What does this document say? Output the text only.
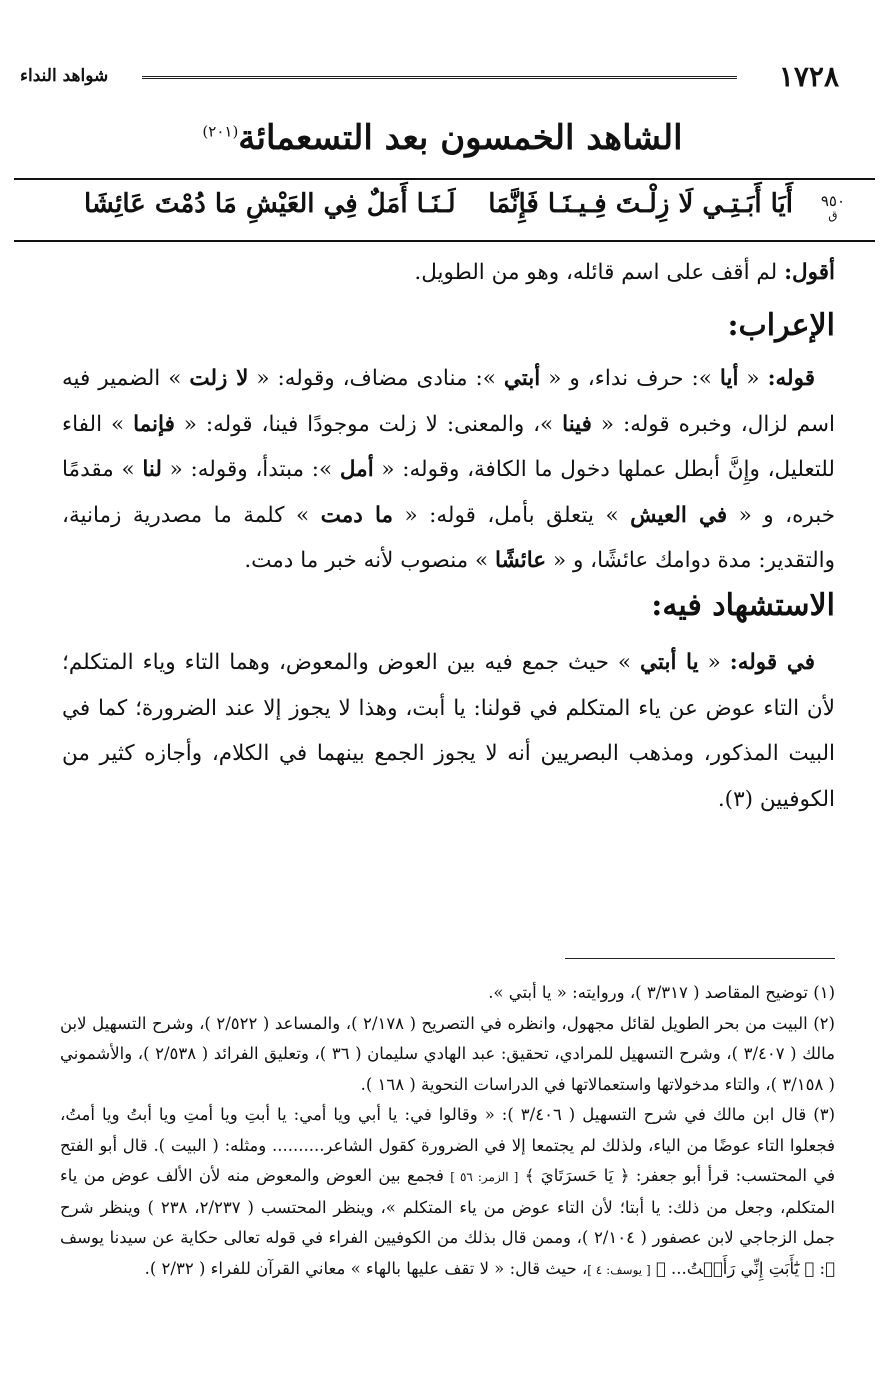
١٧٢٨
شواهد النداء
الشاهد الخمسون بعد التسعمائة$^{(٢٠١)}$
٩٥٠
ق
أَيَا أَبَـتِـي لَا زِلْـتَ فِـيـنَـا فَإِنَّمَا
لَـنَـا أَمَلٌ فِي العَيْشِ مَا دُمْتَ عَائِشَا
أقول: لم أقف على اسم قائله، وهو من الطويل.
الإعراب:
قوله: « أيا »: حرف نداء، و « أبتي »: منادى مضاف، وقوله: « لا زلت » الضمير فيه اسم لزال، وخبره قوله: « فينا »، والمعنى: لا زلت موجودًا فينا، قوله: « فإنما » الفاء للتعليل، وإِنَّ أبطل عملها دخول ما الكافة، وقوله: « أمل »: مبتدأ، وقوله: « لنا » مقدمًا خبره، و « في العيش » يتعلق بأمل، قوله: « ما دمت » كلمة ما مصدرية زمانية، والتقدير: مدة دوامك عائشًا، و « عائشًا » منصوب لأنه خبر ما دمت.
الاستشهاد فيه:
في قوله: « يا أبتي » حيث جمع فيه بين العوض والمعوض، وهما التاء وياء المتكلم؛ لأن التاء عوض عن ياء المتكلم في قولنا: يا أبت، وهذا لا يجوز إلا عند الضرورة؛ كما في البيت المذكور، ومذهب البصريين أنه لا يجوز الجمع بينهما في الكلام، وأجازه كثير من الكوفيين (٣).

(١) توضيح المقاصد ( ٣/٣١٧ )، وروايته: « يا أبتي ».

(٢) البيت من بحر الطويل لقائل مجهول، وانظره في التصريح ( ٢/١٧٨ )، والمساعد ( ٢/٥٢٢ )، وشرح التسهيل لابن مالك ( ٣/٤٠٧ )، وشرح التسهيل للمرادي، تحقيق: عبد الهادي سليمان ( ٣٦ )، وتعليق الفرائد ( ٢/٥٣٨ )، والأشموني ( ٣/١٥٨ )، والتاء مدخولاتها واستعمالاتها في الدراسات النحوية ( ١٦٨ ).

(٣) قال ابن مالك في شرح التسهيل ( ٣/٤٠٦ ): « وقالوا في: يا أبي ويا أمي: يا أبتِ ويا أمتِ ويا أبتُ ويا أمتُ، فجعلوا التاء عوضًا من الياء، ولذلك لم يجتمعا إلا في الضرورة كقول الشاعر.......... ومثله: ( البيت ). قال أبو الفتح في المحتسب: قرأ أبو جعفر: ﴿ يَا حَسرَتَايَ ﴾ [ الزمر: ٥٦ ] فجمع بين العوض والمعوض منه لأن الألف عوض من ياء المتكلم، وجعل من ذلك: يا أبتا؛ لأن التاء عوض من ياء المتكلم »، وينظر المحتسب ( ٢/٢٣٧، ٢٣٨ ) وينظر شرح جمل الزجاجي لابن عصفور ( ٢/١٠٤ )، وممن قال بذلك من الكوفيين الفراء في قوله تعالى حكاية عن سيدنا يوسف ﷺ: ﴿ يَٰٓأَبَتِ إِنِّي رَأَيۡتُ... ﴾ [ يوسف: ٤ ]، حيث قال: « لا تقف عليها بالهاء » معاني القرآن للفراء ( ٢/٣٢ ).
